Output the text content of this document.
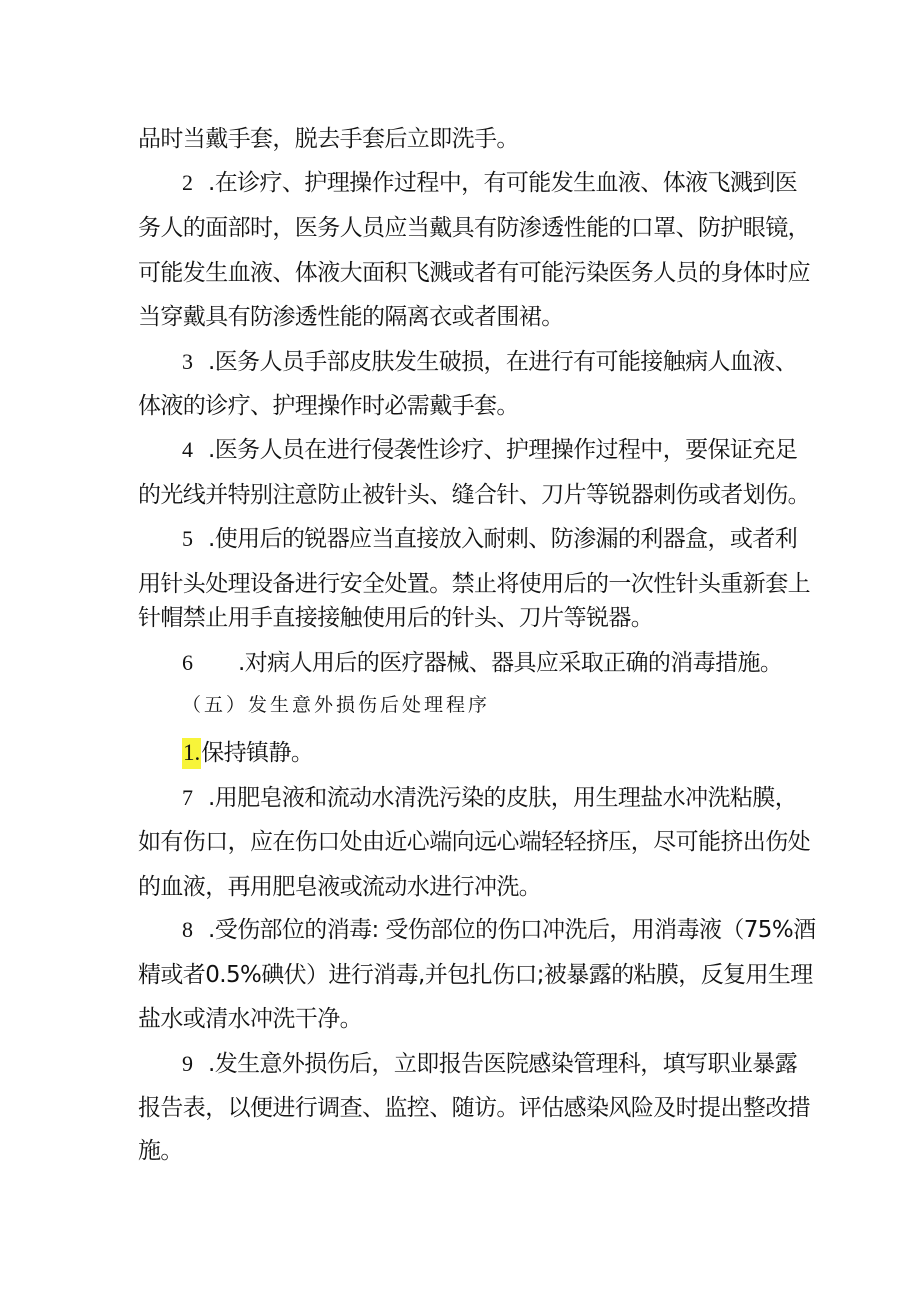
品时当戴手套，脱去手套后立即洗手。
2 .在诊疗、护理操作过程中，有可能发生血液、体液飞溅到医
务人的面部时，医务人员应当戴具有防渗透性能的口罩、防护眼镜，
可能发生血液、体液大面积飞溅或者有可能污染医务人员的身体时应
当穿戴具有防渗透性能的隔离衣或者围裙。
3 .医务人员手部皮肤发生破损，在进行有可能接触病人血液、
体液的诊疗、护理操作时必需戴手套。
4 .医务人员在进行侵袭性诊疗、护理操作过程中，要保证充足
的光线并特别注意防止被针头、缝合针、刀片等锐器刺伤或者划伤。
5 .使用后的锐器应当直接放入耐刺、防渗漏的利器盒，或者利
用针头处理设备进行安全处置。禁止将使用后的一次性针头重新套上
针帽禁止用手直接接触使用后的针头、刀片等锐器。
6 .对病人用后的医疗器械、器具应采取正确的消毒措施。
（五）发生意外损伤后处理程序
1.保持镇静。
7 .用肥皂液和流动水清洗污染的皮肤，用生理盐水冲洗粘膜，
如有伤口，应在伤口处由近心端向远心端轻轻挤压，尽可能挤出伤处
的血液，再用肥皂液或流动水进行冲洗。
8 .受伤部位的消毒: 受伤部位的伤口冲洗后，用消毒液（75%酒
精或者0.5%碘伏）进行消毒,并包扎伤口;被暴露的粘膜，反复用生理
盐水或清水冲洗干净。
9 .发生意外损伤后，立即报告医院感染管理科，填写职业暴露
报告表，以便进行调查、监控、随访。评估感染风险及时提出整改措
施。
